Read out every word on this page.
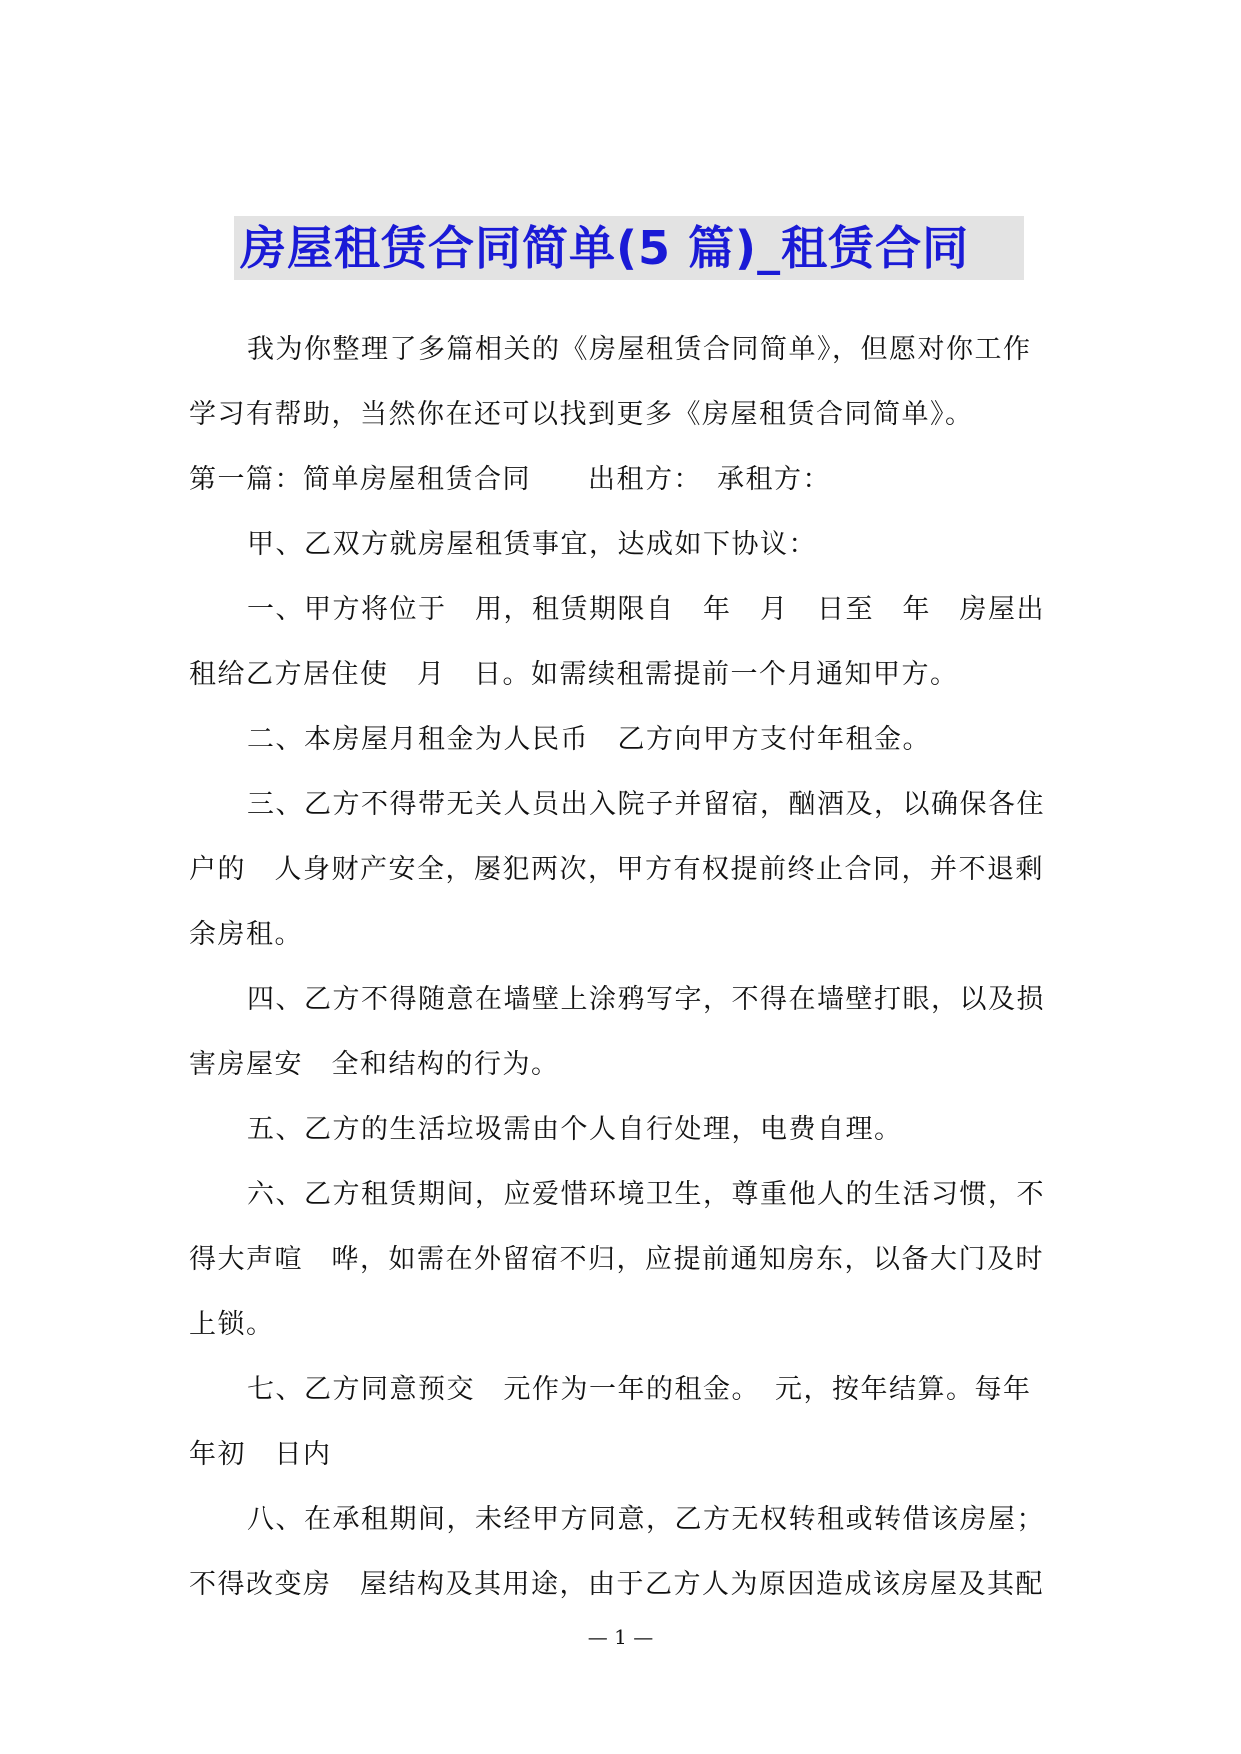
房屋租赁合同简单(5 篇)_租赁合同

我为你整理了多篇相关的《房屋租赁合同简单》，但愿对你工作学习有帮助，当然你在还可以找到更多《房屋租赁合同简单》。

第一篇：简单房屋租赁合同　　出租方：　承租方：

甲、乙双方就房屋租赁事宜，达成如下协议：

一、甲方将位于　用，租赁期限自　年　月　日至　年　房屋出租给乙方居住使　月　日。如需续租需提前一个月通知甲方。

二、本房屋月租金为人民币　乙方向甲方支付年租金。

三、乙方不得带无关人员出入院子并留宿，酗酒及，以确保各住户的　人身财产安全，屡犯两次，甲方有权提前终止合同，并不退剩余房租。

四、乙方不得随意在墙壁上涂鸦写字，不得在墙壁打眼，以及损害房屋安　全和结构的行为。

五、乙方的生活垃圾需由个人自行处理，电费自理。

六、乙方租赁期间，应爱惜环境卫生，尊重他人的生活习惯，不得大声喧　哗，如需在外留宿不归，应提前通知房东，以备大门及时上锁。

七、乙方同意预交　元作为一年的租金。　元，按年结算。每年年初　日内

八、在承租期间，未经甲方同意，乙方无权转租或转借该房屋；不得改变房　屋结构及其用途，由于乙方人为原因造成该房屋及其配

— 1 —
